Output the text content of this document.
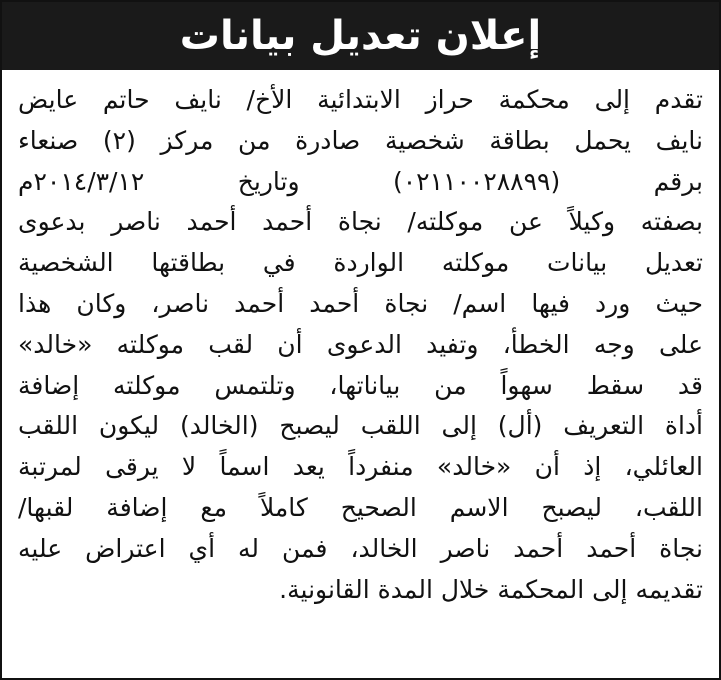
إعلان تعديل بيانات
تقدم إلى محكمة حراز الابتدائية الأخ/ نايف حاتم عايض
نايف يحمل بطاقة شخصية صادرة من مركز (٢) صنعاء
برقم (٠٢١١٠٠٢٨٨٩٩) وتاريخ ٢٠١٤/٣/١٢م
بصفته وكيلاً عن موكلته/ نجاة أحمد أحمد ناصر بدعوى
تعديل بيانات موكلته الواردة في بطاقتها الشخصية
حيث ورد فيها اسم/ نجاة أحمد أحمد ناصر، وكان هذا
على وجه الخطأ، وتفيد الدعوى أن لقب موكلته «خالد»
قد سقط سهواً من بياناتها، وتلتمس موكلته إضافة
أداة التعريف (أل) إلى اللقب ليصبح (الخالد) ليكون اللقب
العائلي، إذ أن «خالد» منفرداً يعد اسماً لا يرقى لمرتبة
اللقب، ليصبح الاسم الصحيح كاملاً مع إضافة لقبها/
نجاة أحمد أحمد ناصر الخالد، فمن له أي اعتراض عليه
تقديمه إلى المحكمة خلال المدة القانونية.
